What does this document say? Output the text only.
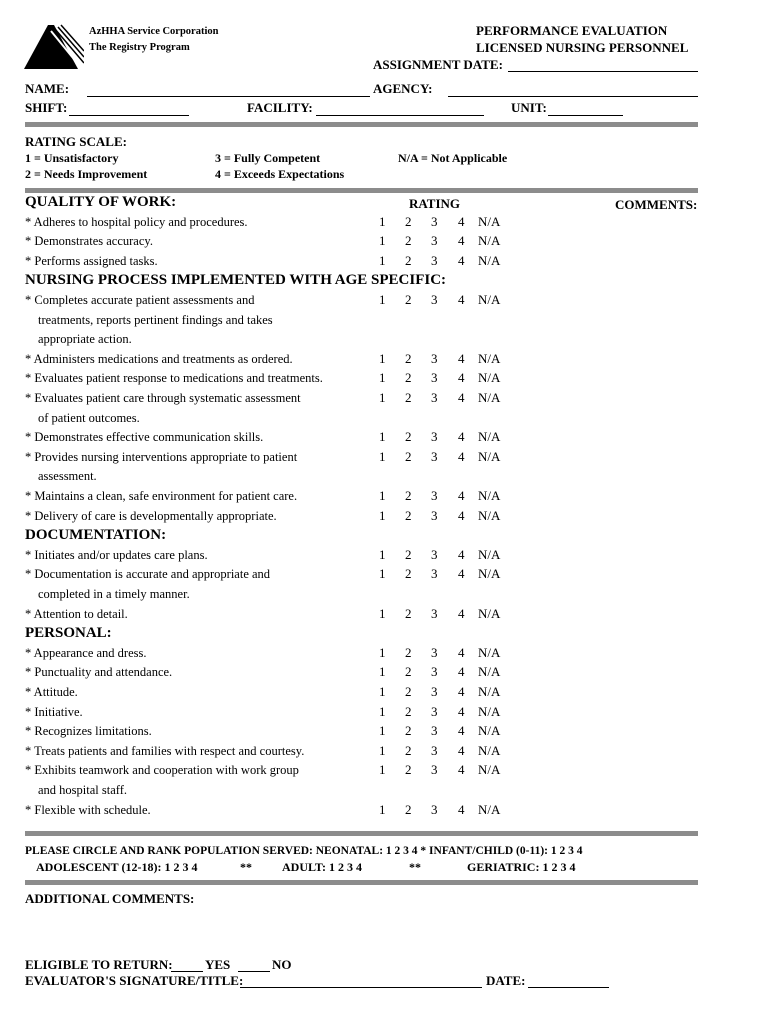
AzHHA Service Corporation
The Registry Program
PERFORMANCE EVALUATION
LICENSED NURSING PERSONNEL
ASSIGNMENT DATE:
NAME:	AGENCY:
SHIFT:	FACILITY:	UNIT:
RATING SCALE:
1 = Unsatisfactory
2 = Needs Improvement
3 = Fully Competent
4 = Exceeds Expectations
N/A = Not Applicable
RATING	COMMENTS:
QUALITY OF WORK:
* Adheres to hospital policy and procedures.	1 2 3 4 N/A
* Demonstrates accuracy.	1 2 3 4 N/A
* Performs assigned tasks.	1 2 3 4 N/A
NURSING PROCESS IMPLEMENTED WITH AGE SPECIFIC:
* Completes accurate patient assessments and
treatments, reports pertinent findings and takes
appropriate action.
1 2 3 4 N/A
* Administers medications and treatments as ordered.	1 2 3 4 N/A
* Evaluates patient response to medications and treatments.	1 2 3 4 N/A
* Evaluates patient care through systematic assessment
of patient outcomes.
1 2 3 4 N/A
* Demonstrates effective communication skills.	1 2 3 4 N/A
* Provides nursing interventions appropriate to patient
assessment.
1 2 3 4 N/A
* Maintains a clean, safe environment for patient care.	1 2 3 4 N/A
* Delivery of care is developmentally appropriate.	1 2 3 4 N/A
DOCUMENTATION:
* Initiates and/or updates care plans.	1 2 3 4 N/A
* Documentation is accurate and appropriate and
completed in a timely manner.
1 2 3 4 N/A
* Attention to detail.	1 2 3 4 N/A
PERSONAL:
* Appearance and dress.	1 2 3 4 N/A
* Punctuality and attendance.	1 2 3 4 N/A
* Attitude.	1 2 3 4 N/A
* Initiative.	1 2 3 4 N/A
* Recognizes limitations.	1 2 3 4 N/A
* Treats patients and families with respect and courtesy.	1 2 3 4 N/A
* Exhibits teamwork and cooperation with work group
and hospital staff.
1 2 3 4 N/A
* Flexible with schedule.	1 2 3 4 N/A
PLEASE CIRCLE AND RANK POPULATION SERVED: NEONATAL: 1 2 3 4 * INFANT/CHILD (0-11): 1 2 3 4
ADOLESCENT (12-18): 1 2 3 4	**	ADULT: 1 2 3 4	**	GERIATRIC: 1 2 3 4
ADDITIONAL COMMENTS:
ELIGIBLE TO RETURN: YES	NO
EVALUATOR'S SIGNATURE/TITLE:	DATE:
